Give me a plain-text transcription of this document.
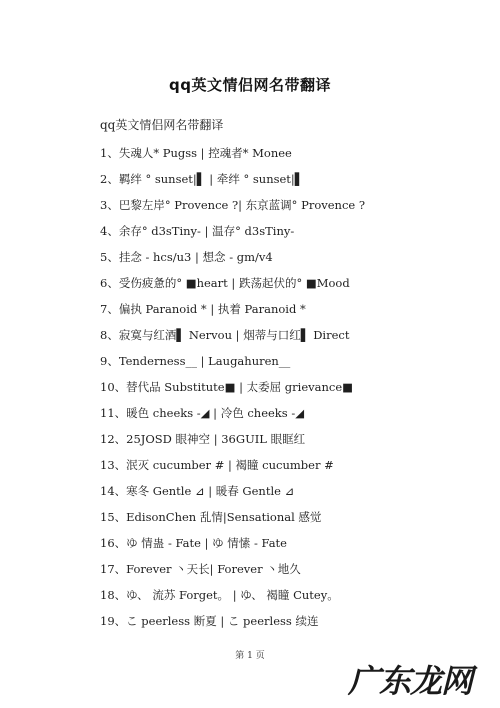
qq英文情侣网名带翻译
qq英文情侣网名带翻译
1、失魂人* Pugss | 控魂者* Monee
2、羁绊 ° sunset|▌ | 牵绊 ° sunset|▌
3、巴黎左岸° Provence ?| 东京蓝调° Provence ?
4、余存° d3sTiny- | 温存° d3sTiny-
5、挂念 - hcs/u3 | 想念 - gm/v4
6、受伤疲惫的° ■heart | 跌荡起伏的° ■Mood
7、偏执 Paranoid * | 执着 Paranoid *
8、寂寞与红酒▌ Nervou | 烟蒂与口红▌ Direct
9、Tenderness__ | Laugahuren__
10、替代品 Substitute■ | 太委屈 grievance■
11、暖色 cheeks -◢ | 冷色 cheeks -◢
12、25JOSD 眼神空 | 36GUIL 眼眶红
13、泯灭 cucumber # | 褐瞳 cucumber #
14、寒冬 Gentle ⊿ | 暖春 Gentle ⊿
15、EdisonChen 乱情|Sensational 感觉
16、ゆ 情蛊 - Fate | ゆ 情愫 - Fate
17、Forever 丶天长| Forever 丶地久
18、ゆ、 流苏 Forget。 | ゆ、 褐瞳 Cutey。
19、こ peerless 断夏 | こ peerless 续连
第 1 页
广东龙网
